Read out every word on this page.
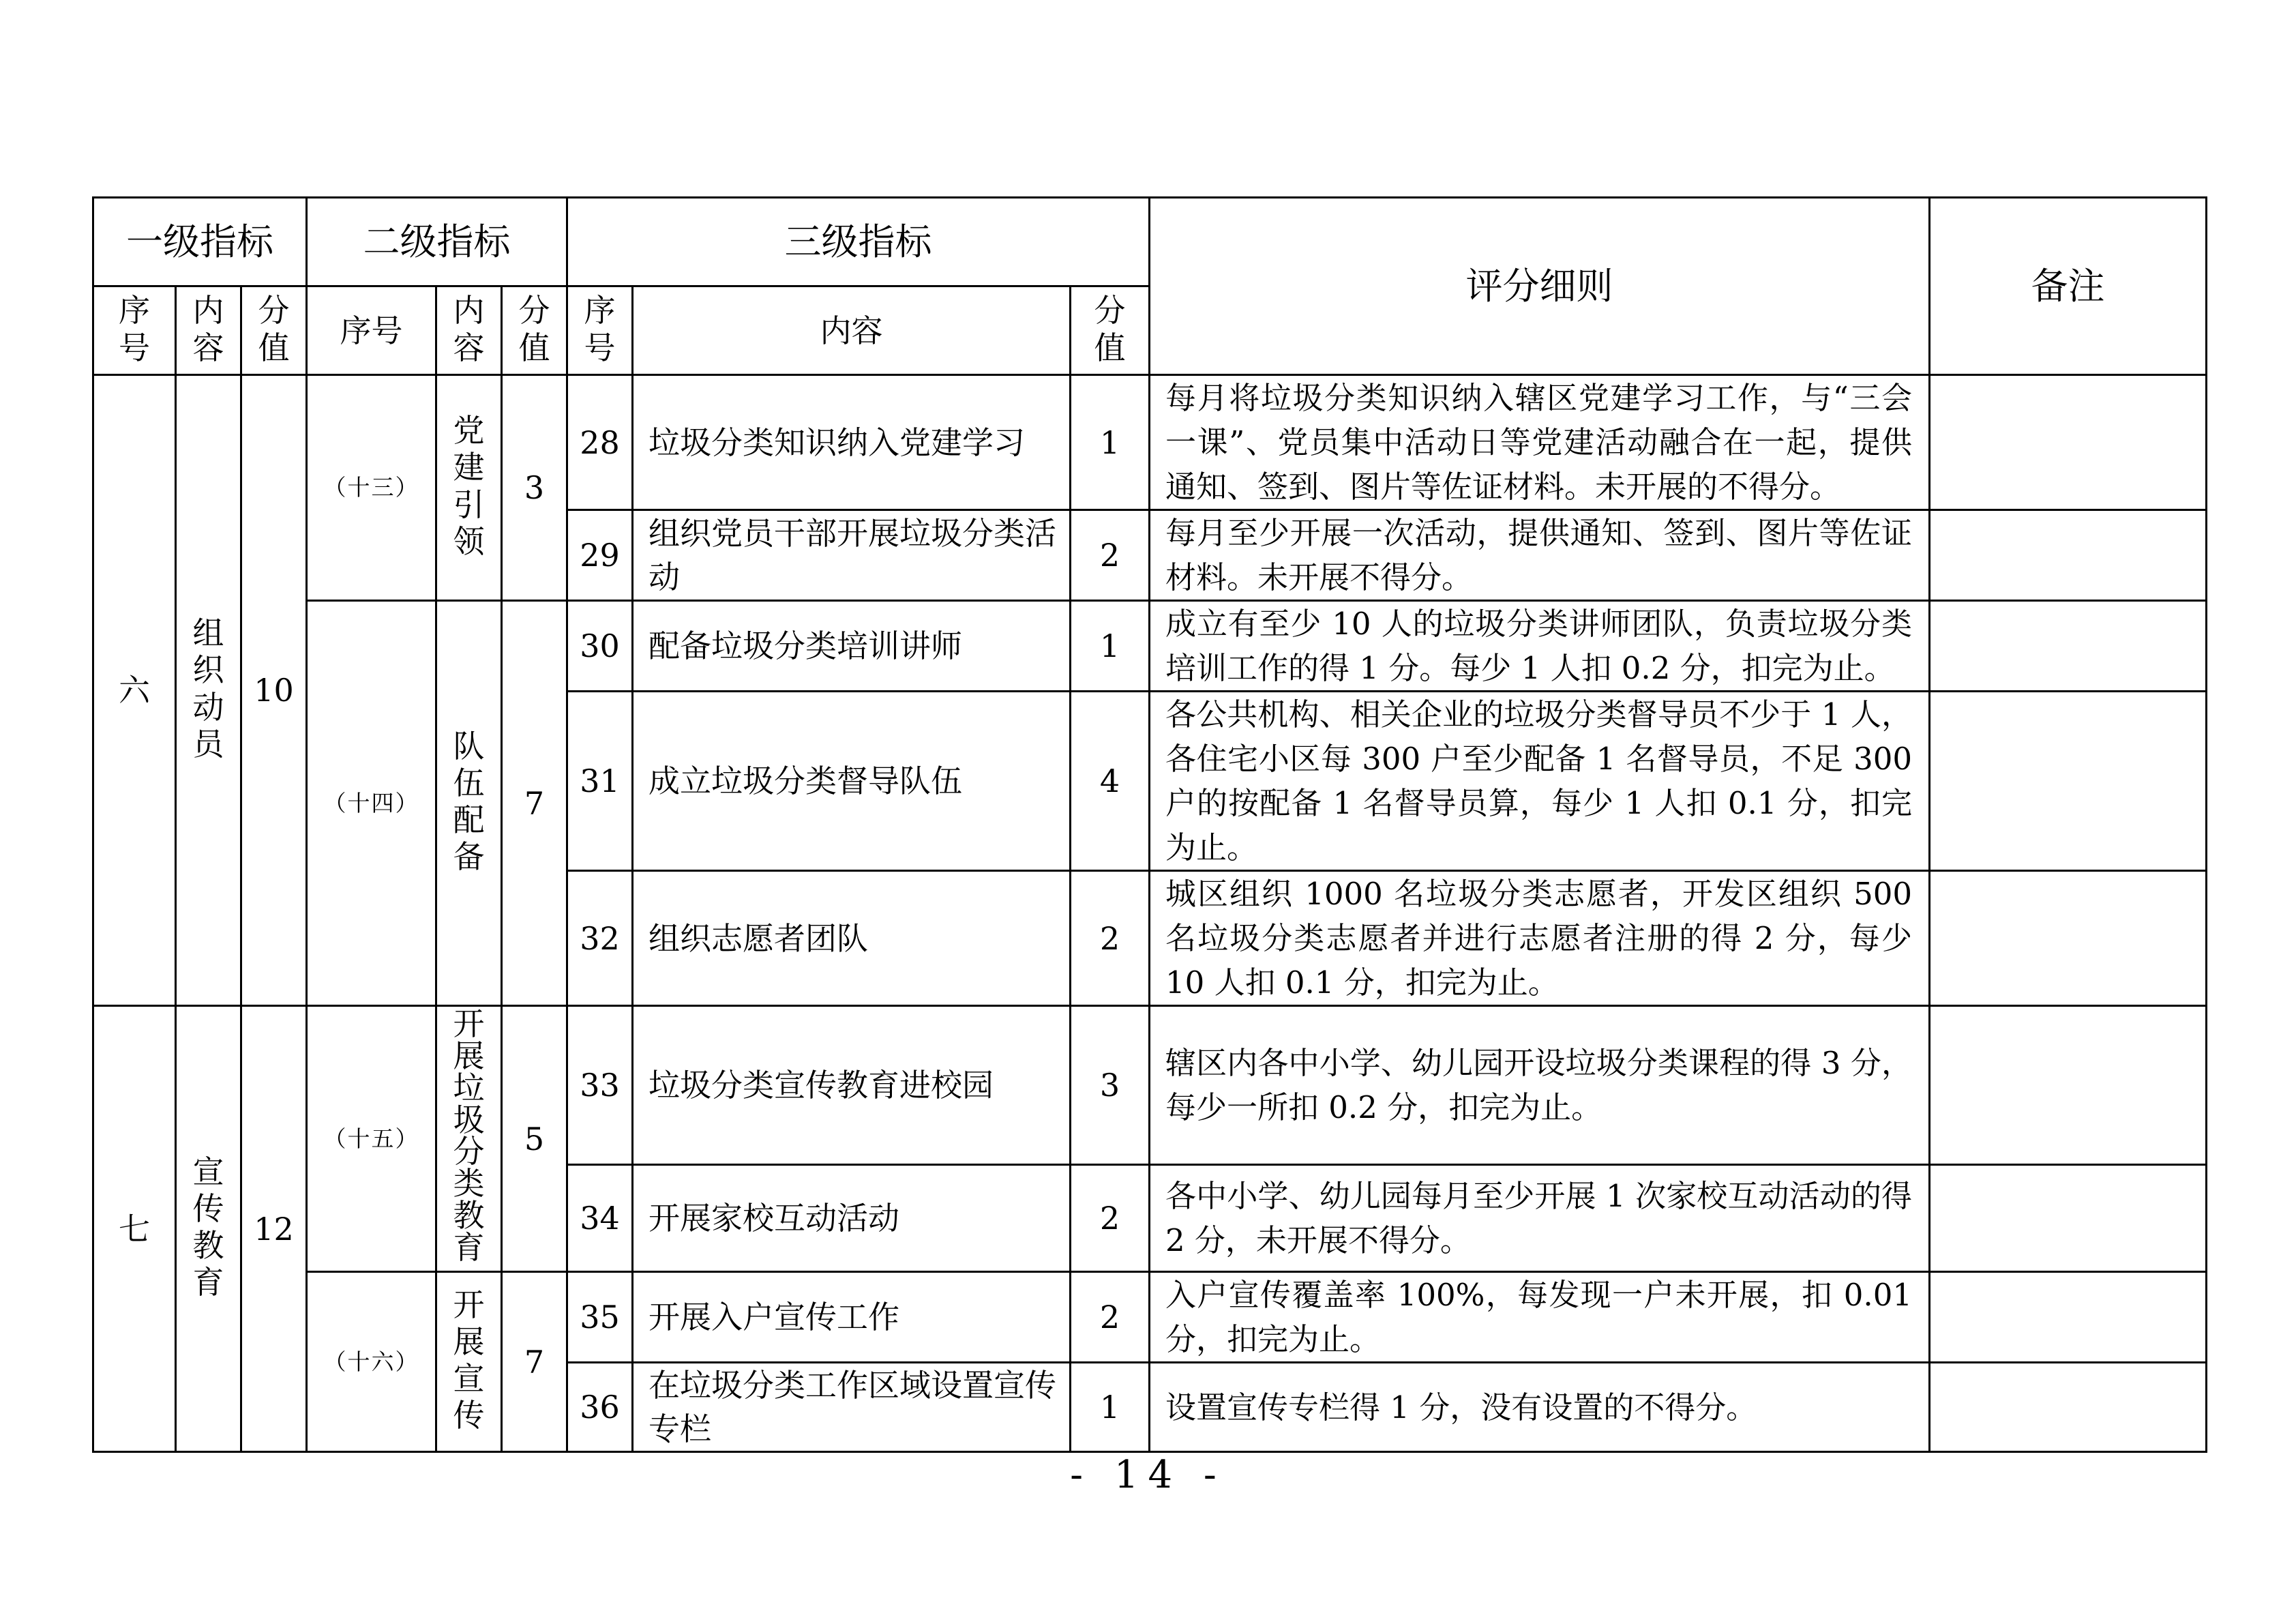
一级指标			二级指标			三级指标			评分细则	备注
序号	内容	分值	序号	内容	分值	序号	内容	分值		
六	组织动员	10	（十三）	党建引领	3	28	垃圾分类知识纳入党建学习	1	每月将垃圾分类知识纳入辖区党建学习工作，与“三会一课”、党员集中活动日等党建活动融合在一起，提供通知、签到、图片等佐证材料。未开展的不得分。	
						29	组织党员干部开展垃圾分类活动	2	每月至少开展一次活动，提供通知、签到、图片等佐证材料。未开展不得分。	
			（十四）	队伍配备	7	30	配备垃圾分类培训讲师	1	成立有至少 10 人的垃圾分类讲师团队，负责垃圾分类培训工作的得 1 分。每少 1 人扣 0.2 分，扣完为止。	
						31	成立垃圾分类督导队伍	4	各公共机构、相关企业的垃圾分类督导员不少于 1 人，各住宅小区每 300 户至少配备 1 名督导员，不足 300 户的按配备 1 名督导员算，每少 1 人扣 0.1 分，扣完为止。	
						32	组织志愿者团队	2	城区组织 1000 名垃圾分类志愿者，开发区组织 500 名垃圾分类志愿者并进行志愿者注册的得 2 分，每少 10 人扣 0.1 分，扣完为止。	
七	宣传教育	12	（十五）	开展垃圾分类教育	5	33	垃圾分类宣传教育进校园	3	辖区内各中小学、幼儿园开设垃圾分类课程的得 3 分，每少一所扣 0.2 分，扣完为止。	
						34	开展家校互动活动	2	各中小学、幼儿园每月至少开展 1 次家校互动活动的得 2 分，未开展不得分。	
			（十六）	开展宣传	7	35	开展入户宣传工作	2	入户宣传覆盖率 100%，每发现一户未开展，扣 0.01 分，扣完为止。	
						36	在垃圾分类工作区域设置宣传专栏	1	设置宣传专栏得 1 分，没有设置的不得分。	
- 14 -
